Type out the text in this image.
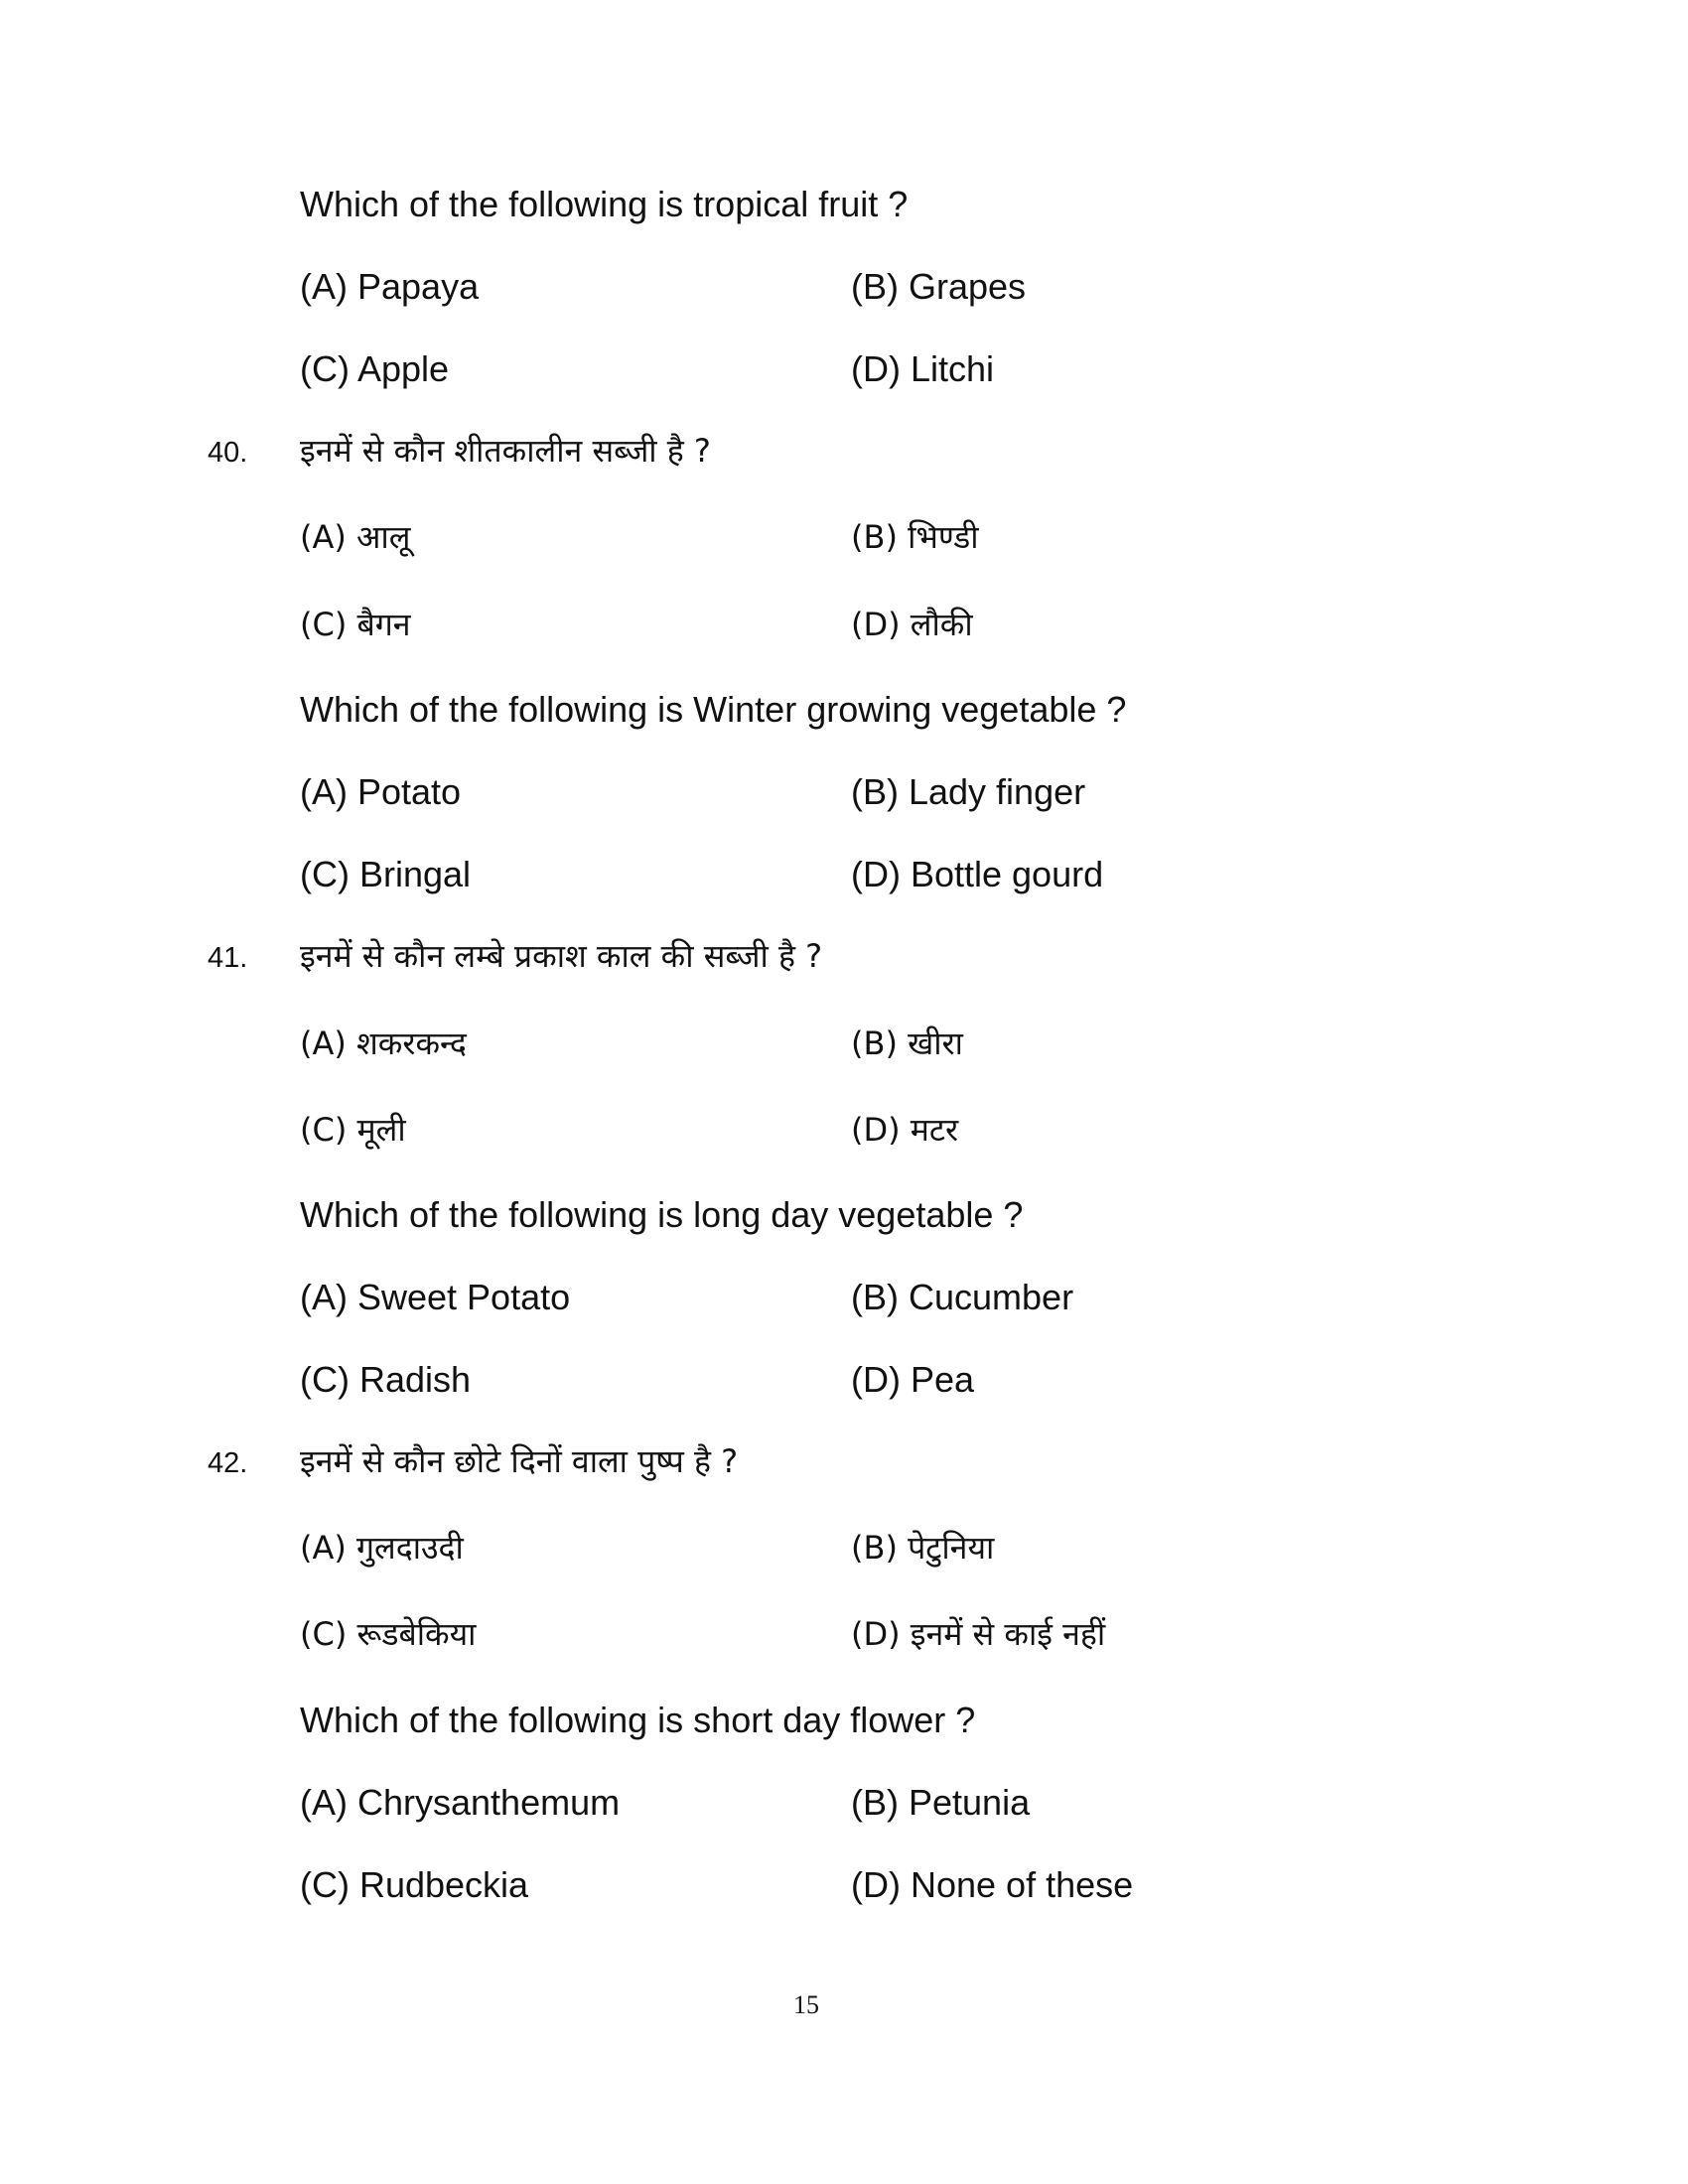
Which of the following is tropical fruit ?
(A) Papaya	(B) Grapes
(C) Apple	(D) Litchi
40. इनमें से कौन शीतकालीन सब्जी है ?
(A) आलू	(B) भिण्डी
(C) बैगन	(D) लौकी
Which of the following is Winter growing vegetable ?
(A) Potato	(B) Lady finger
(C) Bringal	(D) Bottle gourd
41. इनमें से कौन लम्बे प्रकाश काल की सब्जी है ?
(A) शकरकन्द	(B) खीरा
(C) मूली	(D) मटर
Which of the following is long day vegetable ?
(A) Sweet Potato	(B) Cucumber
(C) Radish	(D) Pea
42. इनमें से कौन छोटे दिनों वाला पुष्प है ?
(A) गुलदाउदी	(B) पेटुनिया
(C) रूडबेकिया	(D) इनमें से काई नहीं
Which of the following is short day flower ?
(A) Chrysanthemum	(B) Petunia
(C) Rudbeckia	(D) None of these
15
